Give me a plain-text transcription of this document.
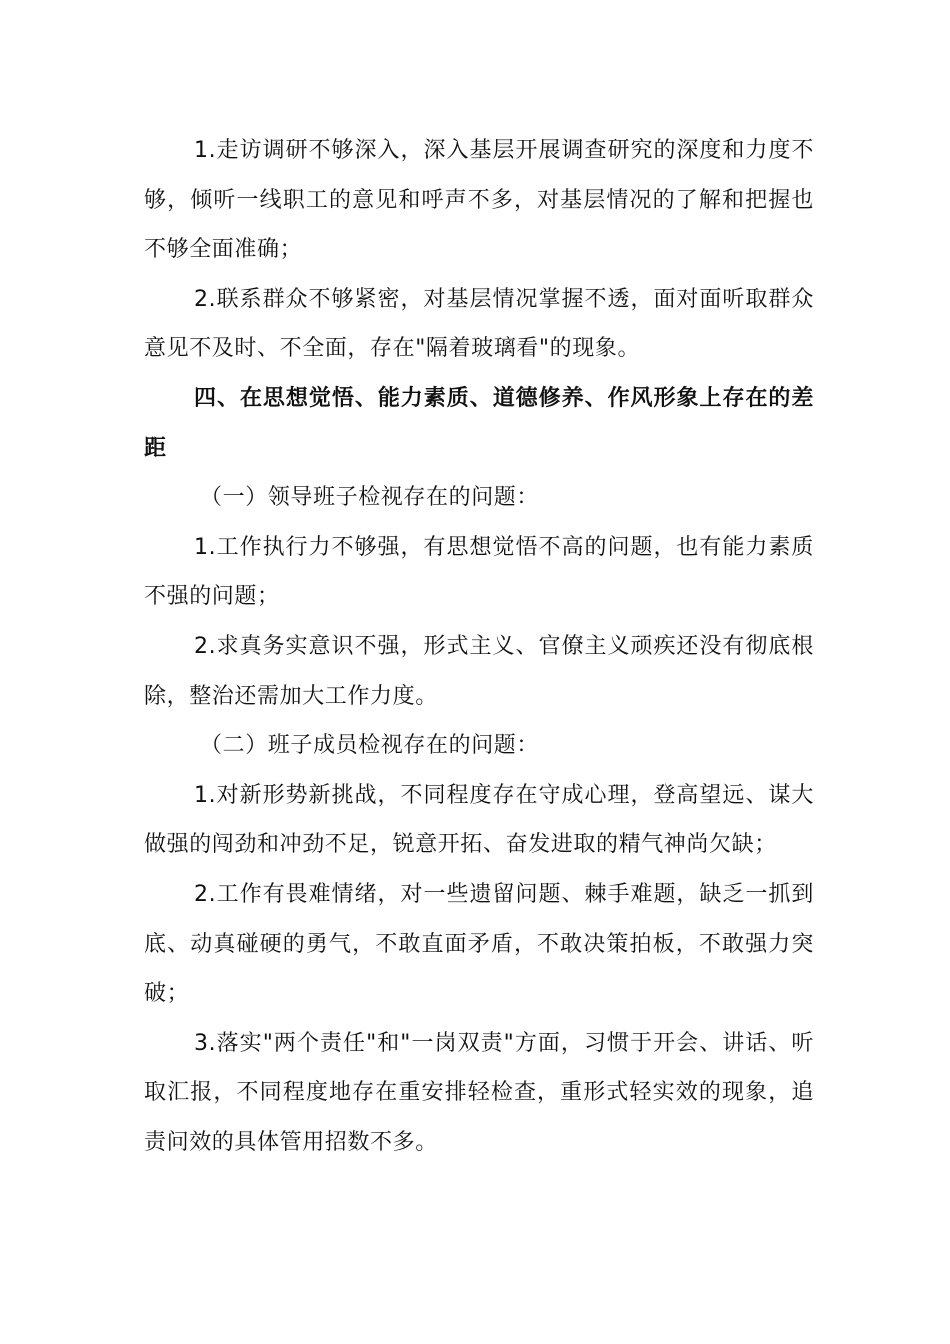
1.走访调研不够深入，深入基层开展调查研究的深度和力度不够，倾听一线职工的意见和呼声不多，对基层情况的了解和把握也不够全面准确；

2.联系群众不够紧密，对基层情况掌握不透，面对面听取群众意见不及时、不全面，存在"隔着玻璃看"的现象。

四、在思想觉悟、能力素质、道德修养、作风形象上存在的差距

（一）领导班子检视存在的问题：

1.工作执行力不够强，有思想觉悟不高的问题，也有能力素质不强的问题；

2.求真务实意识不强，形式主义、官僚主义顽疾还没有彻底根除，整治还需加大工作力度。

（二）班子成员检视存在的问题：

1.对新形势新挑战，不同程度存在守成心理，登高望远、谋大做强的闯劲和冲劲不足，锐意开拓、奋发进取的精气神尚欠缺；

2.工作有畏难情绪，对一些遗留问题、棘手难题，缺乏一抓到底、动真碰硬的勇气，不敢直面矛盾，不敢决策拍板，不敢强力突破；

3.落实"两个责任"和"一岗双责"方面，习惯于开会、讲话、听取汇报，不同程度地存在重安排轻检查，重形式轻实效的现象，追责问效的具体管用招数不多。
